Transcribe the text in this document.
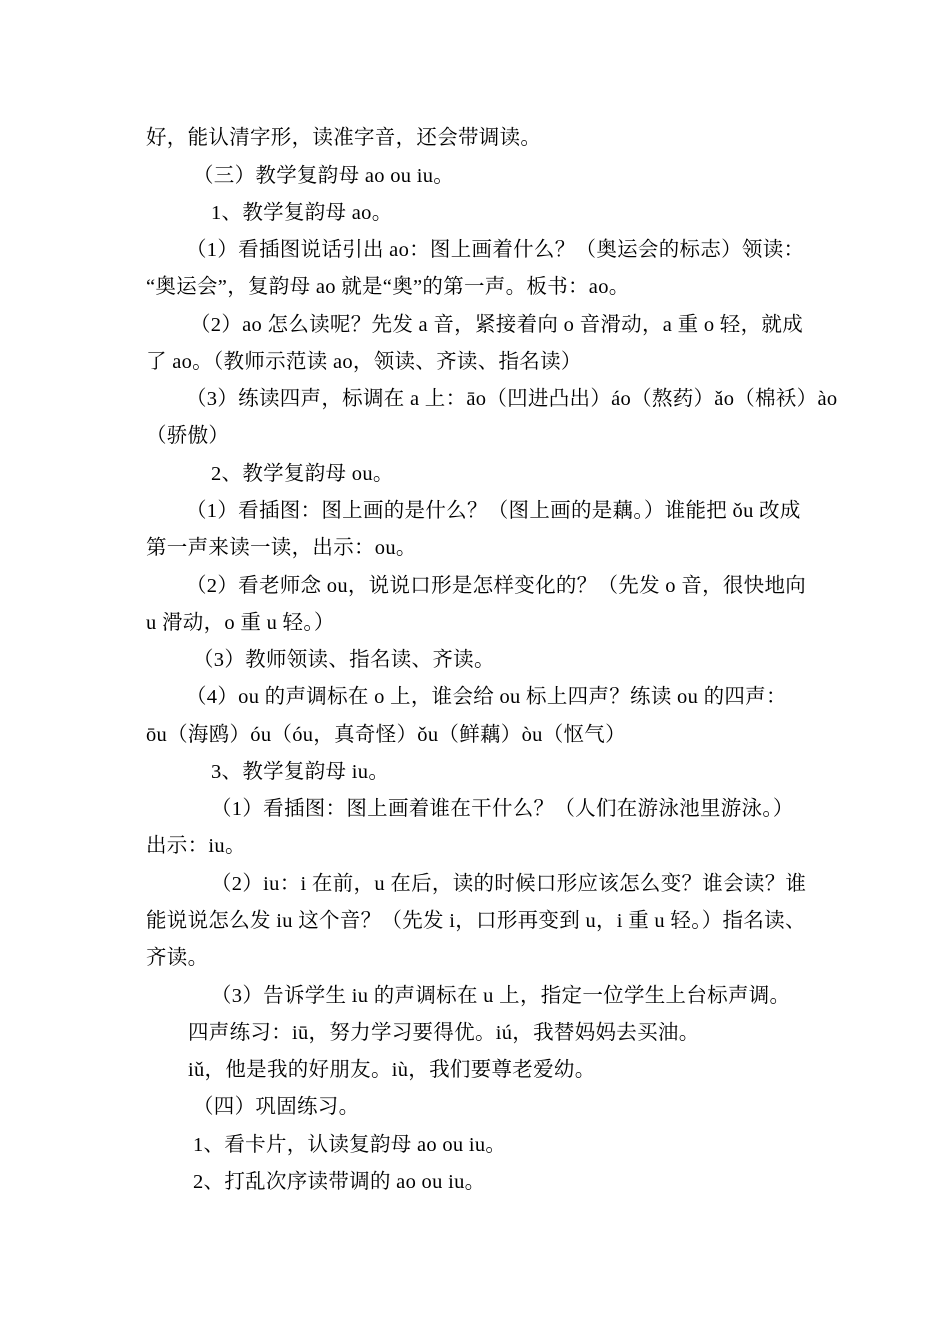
好，能认清字形，读准字音，还会带调读。
（三）教学复韵母 ao ou iu。
1、教学复韵母 ao。
（1）看插图说话引出 ao：图上画着什么？（奥运会的标志）领读：
“奥运会”，复韵母 ao 就是“奥”的第一声。板书：ao。
（2）ao 怎么读呢？先发 a 音，紧接着向 o 音滑动，a 重 o 轻，就成
了 ao。（教师示范读 ao，领读、齐读、指名读）
（3）练读四声，标调在 a 上：āo（凹进凸出）áo（熬药）ǎo（棉袄）ào
（骄傲）
2、教学复韵母 ou。
（1）看插图：图上画的是什么？（图上画的是藕。）谁能把 ǒu 改成
第一声来读一读，出示：ou。
（2）看老师念 ou，说说口形是怎样变化的？（先发 o 音，很快地向
u 滑动，o 重 u 轻。）
（3）教师领读、指名读、齐读。
（4）ou 的声调标在 o 上，谁会给 ou 标上四声？练读 ou 的四声：
ōu（海鸥）óu（óu，真奇怪）ǒu（鲜藕）òu（怄气）
3、教学复韵母 iu。
（1）看插图：图上画着谁在干什么？（人们在游泳池里游泳。）
出示：iu。
（2）iu：i 在前，u 在后，读的时候口形应该怎么变？谁会读？谁
能说说怎么发 iu 这个音？（先发 i，口形再变到 u，i 重 u 轻。）指名读、
齐读。
（3）告诉学生 iu 的声调标在 u 上，指定一位学生上台标声调。
四声练习：iū，努力学习要得优。iú，我替妈妈去买油。
iǔ，他是我的好朋友。iù，我们要尊老爱幼。
（四）巩固练习。
1、看卡片，认读复韵母 ao ou iu。
2、打乱次序读带调的 ao ou iu。
